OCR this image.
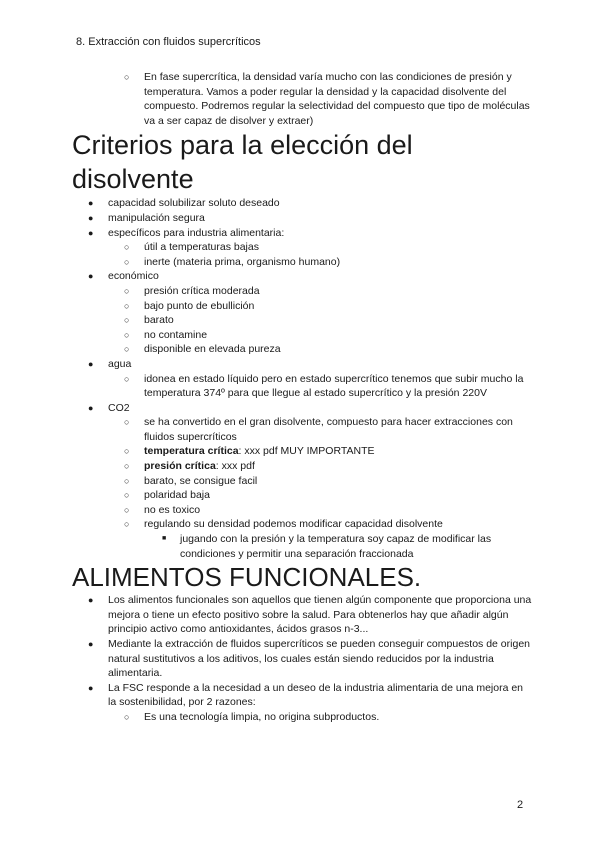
8. Extracción con fluidos supercríticos
○ En fase supercrítica, la densidad varía mucho con las condiciones de presión y temperatura. Vamos a poder regular la densidad y la capacidad disolvente del compuesto. Podremos regular la selectividad del compuesto que tipo de moléculas va a ser capaz de disolver y extraer)
Criterios para la elección del disolvente
● capacidad solubilizar soluto deseado
● manipulación segura
● específicos para industria alimentaria:
○ útil a temperaturas bajas
○ inerte (materia prima, organismo humano)
● económico
○ presión crítica moderada
○ bajo punto de ebullición
○ barato
○ no contamine
○ disponible en elevada pureza
● agua
○ idonea en estado líquido pero en estado supercrítico tenemos que subir mucho la temperatura 374º para que llegue al estado supercrítico y la presión 220V
● CO2
○ se ha convertido en el gran disolvente, compuesto para hacer extracciones con fluidos supercríticos
○ temperatura crítica: xxx pdf MUY IMPORTANTE
○ presión crítica: xxx pdf
○ barato, se consigue facil
○ polaridad baja
○ no es toxico
○ regulando su densidad podemos modificar capacidad disolvente
■ jugando con la presión y la temperatura soy capaz de modificar las condiciones y permitir una separación fraccionada
ALIMENTOS FUNCIONALES.
● Los alimentos funcionales son aquellos que tienen algún componente que proporciona una mejora o tiene un efecto positivo sobre la salud. Para obtenerlos hay que añadir algún principio activo como antioxidantes, ácidos grasos n-3...
● Mediante la extracción de fluidos supercríticos se pueden conseguir compuestos de origen natural sustitutivos a los aditivos, los cuales están siendo reducidos por la industria alimentaria.
● La FSC responde a la necesidad a un deseo de la industria alimentaria de una mejora en la sostenibilidad, por 2 razones:
○ Es una tecnología limpia, no origina subproductos.
2
